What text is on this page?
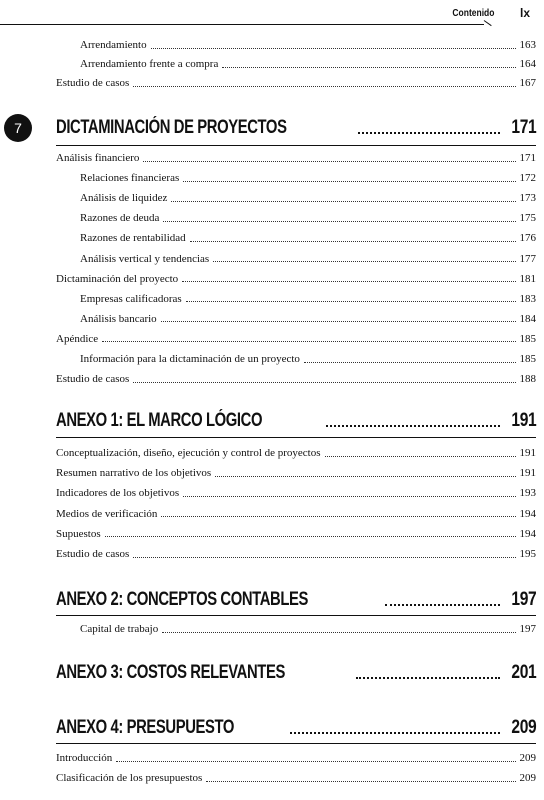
Contenido lx
7
Arrendamiento	163
Arrendamiento frente a compra	164
Estudio de casos	167
DICTAMINACIÓN DE PROYECTOS	171
Análisis financiero	171
Relaciones financieras	172
Análisis de liquidez	173
Razones de deuda	175
Razones de rentabilidad	176
Análisis vertical y tendencias	177
Dictaminación del proyecto	181
Empresas calificadoras	183
Análisis bancario	184
Apéndice	185
Información para la dictaminación de un proyecto	185
Estudio de casos	188
ANEXO 1: EL MARCO LÓGICO	191
Conceptualización, diseño, ejecución y control de proyectos	191
Resumen narrativo de los objetivos	191
Indicadores de los objetivos	193
Medios de verificación	194
Supuestos	194
Estudio de casos	195
ANEXO 2: CONCEPTOS CONTABLES	197
Capital de trabajo	197
ANEXO 3: COSTOS RELEVANTES	201
ANEXO 4: PRESUPUESTO	209
Introducción	209
Clasificación de los presupuestos	209
